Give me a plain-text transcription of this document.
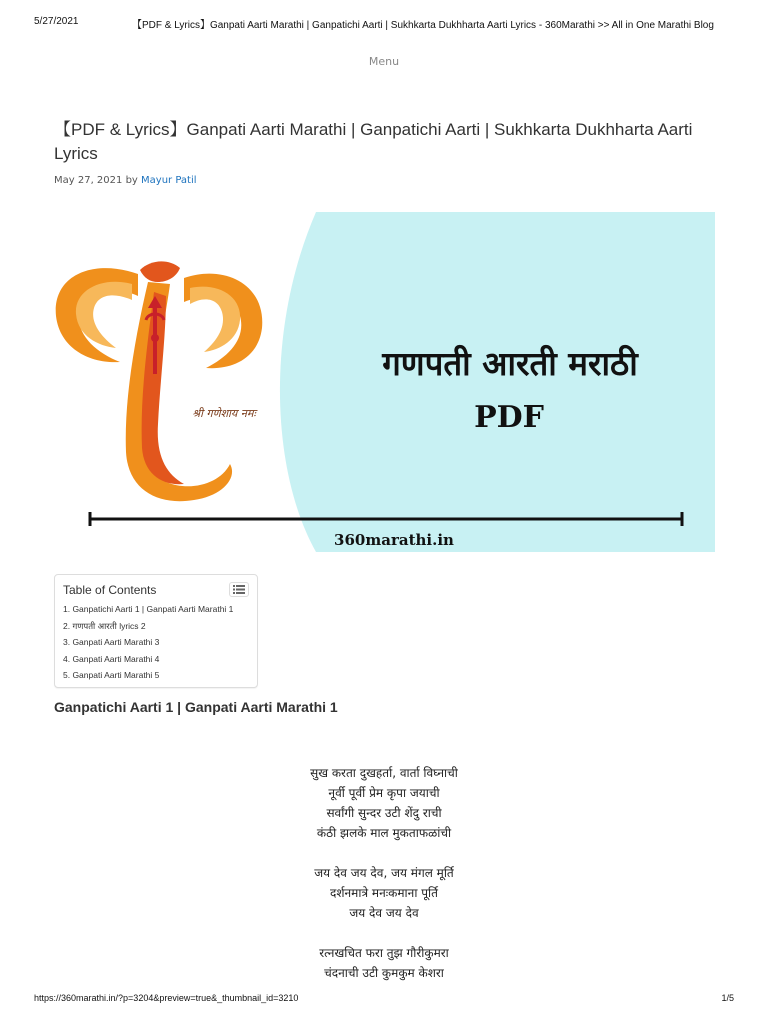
5/27/2021	【PDF & Lyrics】Ganpati Aarti Marathi | Ganpatichi Aarti | Sukhkarta Dukhharta Aarti Lyrics - 360Marathi >> All in One Marathi Blog
Menu
【PDF & Lyrics】Ganpati Aarti Marathi | Ganpatichi Aarti | Sukhkarta Dukhharta Aarti Lyrics
May 27, 2021 by Mayur Patil
श्री गणेशाय नमः
गणपती आरती मराठी
PDF
360marathi.in
Table of Contents
1. Ganpatichi Aarti 1 | Ganpati Aarti Marathi 1
2. गणपती आरती lyrics 2
3. Ganpati Aarti Marathi 3
4. Ganpati Aarti Marathi 4
5. Ganpati Aarti Marathi 5
Ganpatichi Aarti 1 | Ganpati Aarti Marathi 1
सुख करता दुखहर्ता, वार्ता विघ्नाची
नूर्वी पूर्वी प्रेम कृपा जयाची
सर्वांगी सुन्दर उटी शेंदु राची
कंठी झलके माल मुकताफळांची
जय देव जय देव, जय मंगल मूर्ति
दर्शनमात्रे मनःकमाना पूर्ति
जय देव जय देव
रत्नखचित फरा तुझ गौरीकुमरा
चंदनाची उटी कुमकुम केशरा
https://360marathi.in/?p=3204&preview=true&_thumbnail_id=3210	1/5
